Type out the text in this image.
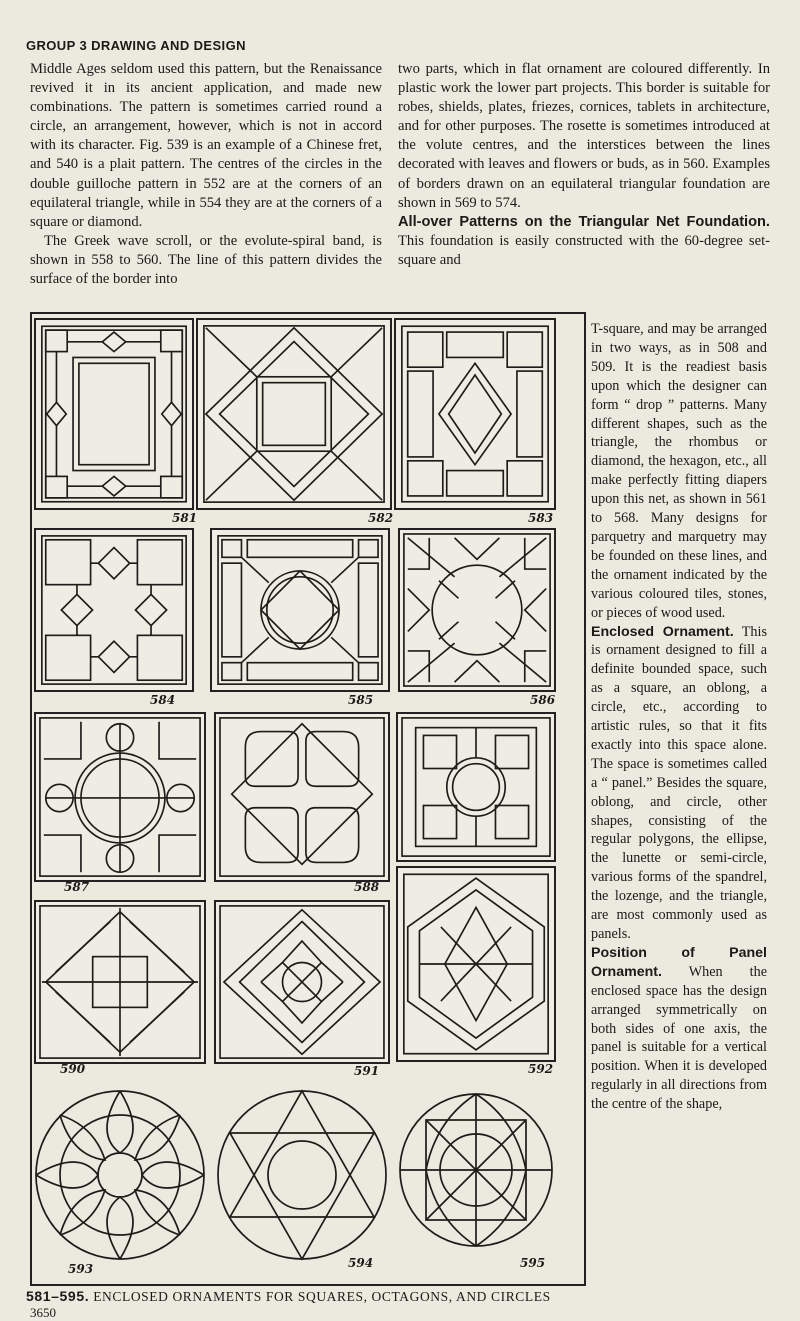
GROUP 3 DRAWING AND DESIGN

Middle Ages seldom used this pattern, but the Renaissance revived it in its ancient application, and made new combinations. The pattern is sometimes carried round a circle, an arrangement, however, which is not in accord with its character. Fig. 539 is an example of a Chinese fret, and 540 is a plait pattern. The centres of the circles in the double guilloche pattern in 552 are at the corners of an equilateral triangle, while in 554 they are at the corners of a square or diamond.

The Greek wave scroll, or the evolute-spiral band, is shown in 558 to 560. The line of this pattern divides the surface of the border into

two parts, which in flat ornament are coloured differently. In plastic work the lower part projects. This border is suitable for robes, shields, plates, friezes, cornices, tablets in architecture, and for other purposes. The rosette is sometimes introduced at the volute centres, and the interstices between the lines decorated with leaves and flowers or buds, as in 560. Examples of borders drawn on an equilateral triangular foundation are shown in 569 to 574.

All-over Patterns on the Triangular Net Foundation. This foundation is easily constructed with the 60-degree set-square and

T-square, and may be arranged in two ways, as in 508 and 509. It is the readiest basis upon which the designer can form “ drop ” patterns. Many different shapes, such as the triangle, the rhombus or diamond, the hexagon, etc., all make perfectly fitting diapers upon this net, as shown in 561 to 568. Many designs for parquetry and marquetry may be founded on these lines, and the ornament indicated by the various coloured tiles, stones, or pieces of wood used.

Enclosed Ornament. This is ornament designed to fill a definite bounded space, such as a square, an oblong, a circle, etc., according to artistic rules, so that it fits exactly into this space alone. The space is sometimes called a “ panel.” Besides the square, oblong, and circle, other shapes, consisting of the regular polygons, the ellipse, the lunette or semi-circle, various forms of the spandrel, the lozenge, and the triangle, are most commonly used as panels.

Position of Panel Ornament. When the enclosed space has the design arranged symmetrically on both sides of one axis, the panel is suitable for a vertical position. When it is developed regularly in all directions from the centre of the shape,

581	582	583
584	585	586
587	588
590	591	592
593	594	595
581–595. ENCLOSED ORNAMENTS FOR SQUARES, OCTAGONS, AND CIRCLES
3650
